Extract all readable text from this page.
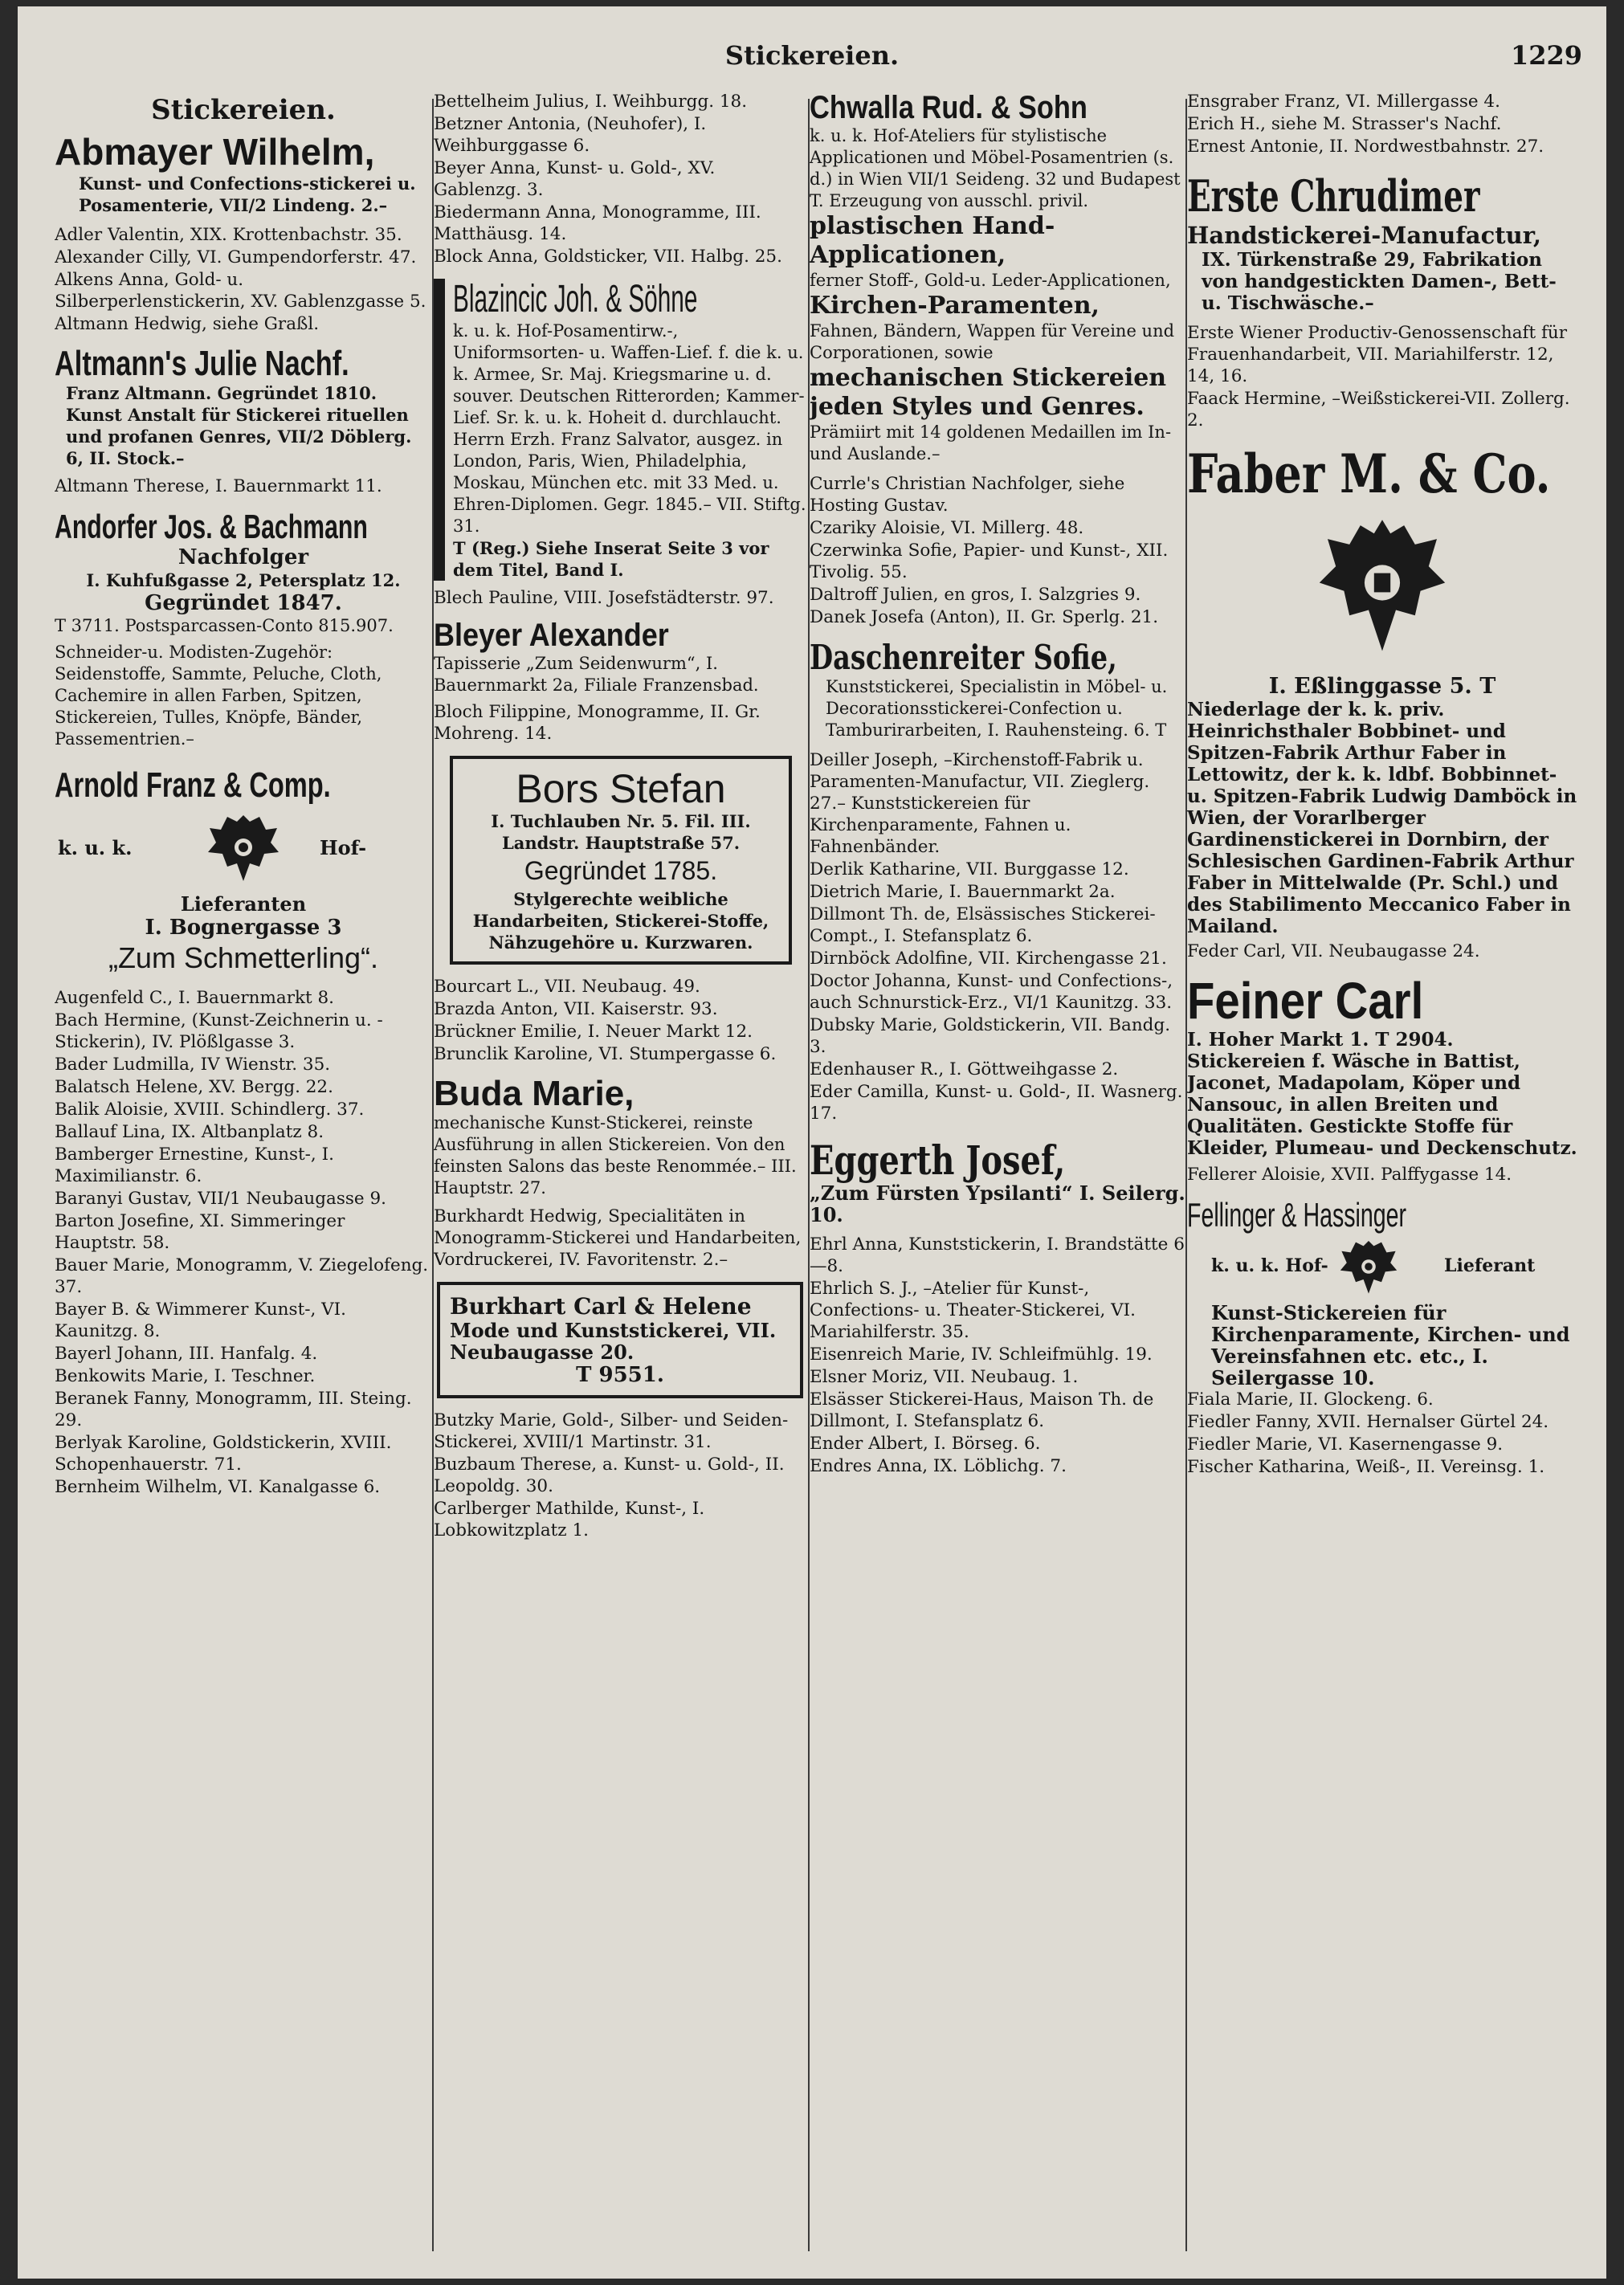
Stickereien.	1229
Stickereien.
Abmayer Wilhelm,
Kunst- und Confections-stickerei u. Posamenterie, VII/2 Lindeng. 2.–
Adler Valentin, XIX. Krottenbachstr. 35.
Alexander Cilly, VI. Gumpendorferstr. 47.
Alkens Anna, Gold- u. Silberperlenstickerin, XV. Gablenzgasse 5.
Altmann Hedwig, siehe Graßl.
Altmann's Julie Nachf.
Franz Altmann. Gegründet 1810. Kunst Anstalt für Stickerei rituellen und profanen Genres, VII/2 Döblerg. 6, II. Stock.–
Altmann Therese, I. Bauernmarkt 11.
Andorfer Jos. & Bachmann
Nachfolger
I. Kuhfußgasse 2, Petersplatz 12.
Gegründet 1847.
T 3711. Postsparcassen-Conto 815.907.
Schneider-u. Modisten-Zugehör: Seidenstoffe, Sammte, Peluche, Cloth, Cachemire in allen Farben, Spitzen, Stickereien, Tulles, Knöpfe, Bänder, Passementrien.–
Arnold Franz & Comp.
k. u. k.	Hof-
Lieferanten
I. Bognergasse 3
„Zum Schmetterling“.
Augenfeld C., I. Bauernmarkt 8.
Bach Hermine, (Kunst-Zeichnerin u. -Stickerin), IV. Plößlgasse 3.
Bader Ludmilla, IV Wienstr. 35.
Balatsch Helene, XV. Bergg. 22.
Balik Aloisie, XVIII. Schindlerg. 37.
Ballauf Lina, IX. Altbanplatz 8.
Bamberger Ernestine, Kunst-, I. Maximilianstr. 6.
Baranyi Gustav, VII/1 Neubaugasse 9.
Barton Josefine, XI. Simmeringer Hauptstr. 58.
Bauer Marie, Monogramm, V. Ziegelofeng. 37.
Bayer B. & Wimmerer Kunst-, VI. Kaunitzg. 8.
Bayerl Johann, III. Hanfalg. 4.
Benkowits Marie, I. Teschner.
Beranek Fanny, Monogramm, III. Steing. 29.
Berlyak Karoline, Goldstickerin, XVIII. Schopenhauerstr. 71.
Bernheim Wilhelm, VI. Kanalgasse 6.
Bettelheim Julius, I. Weihburgg. 18.
Betzner Antonia, (Neuhofer), I. Weihburggasse 6.
Beyer Anna, Kunst- u. Gold-, XV. Gablenzg. 3.
Biedermann Anna, Monogramme, III. Matthäusg. 14.
Block Anna, Goldsticker, VII. Halbg. 25.
Blazincic Joh. & Söhne
k. u. k. Hof-Posamentirw.-, Uniformsorten- u. Waffen-Lief. f. die k. u. k. Armee, Sr. Maj. Kriegsmarine u. d. souver. Deutschen Ritterorden; Kammer-Lief. Sr. k. u. k. Hoheit d. durchlaucht. Herrn Erzh. Franz Salvator, ausgez. in London, Paris, Wien, Philadelphia, Moskau, München etc. mit 33 Med. u. Ehren-Diplomen. Gegr. 1845.– VII. Stiftg. 31.
T (Reg.) Siehe Inserat Seite 3 vor dem Titel, Band I.
Blech Pauline, VIII. Josefstädterstr. 97.
Bleyer Alexander
Tapisserie „Zum Seidenwurm“, I. Bauernmarkt 2a, Filiale Franzensbad.
Bloch Filippine, Monogramme, II. Gr. Mohreng. 14.
Bors Stefan
I. Tuchlauben Nr. 5. Fil. III. Landstr. Hauptstraße 57.
Gegründet 1785.
Stylgerechte weibliche Handarbeiten, Stickerei-Stoffe, Nähzugehöre u. Kurzwaren.
Bourcart L., VII. Neubaug. 49.
Brazda Anton, VII. Kaiserstr. 93.
Brückner Emilie, I. Neuer Markt 12.
Brunclik Karoline, VI. Stumpergasse 6.
Buda Marie,
mechanische Kunst-Stickerei, reinste Ausführung in allen Stickereien. Von den feinsten Salons das beste Renommée.– III. Hauptstr. 27.
Burkhardt Hedwig, Specialitäten in Monogramm-Stickerei und Handarbeiten, Vordruckerei, IV. Favoritenstr. 2.–
Burkhart Carl & Helene
Mode und Kunststickerei, VII. Neubaugasse 20.
T 9551.
Butzky Marie, Gold-, Silber- und Seiden-Stickerei, XVIII/1 Martinstr. 31.
Buzbaum Therese, a. Kunst- u. Gold-, II. Leopoldg. 30.
Carlberger Mathilde, Kunst-, I. Lobkowitzplatz 1.
Chwalla Rud. & Sohn
k. u. k. Hof-Ateliers für stylistische Applicationen und Möbel-Posamentrien (s. d.) in Wien VII/1 Seideng. 32 und Budapest T. Erzeugung von ausschl. privil.
plastischen Hand-Applicationen,
ferner Stoff-, Gold-u. Leder-Applicationen,
Kirchen-Paramenten,
Fahnen, Bändern, Wappen für Vereine und Corporationen, sowie
mechanischen Stickereien jeden Styles und Genres.
Prämiirt mit 14 goldenen Medaillen im In- und Auslande.–
Currle's Christian Nachfolger, siehe Hosting Gustav.
Czariky Aloisie, VI. Millerg. 48.
Czerwinka Sofie, Papier- und Kunst-, XII. Tivolig. 55.
Daltroff Julien, en gros, I. Salzgries 9.
Danek Josefa (Anton), II. Gr. Sperlg. 21.
Daschenreiter Sofie,
Kunststickerei, Specialistin in Möbel- u. Decorationsstickerei-Confection u. Tamburirarbeiten, I. Rauhensteing. 6. T
Deiller Joseph, –Kirchenstoff-Fabrik u. Paramenten-Manufactur, VII. Zieglerg. 27.– Kunststickereien für Kirchenparamente, Fahnen u. Fahnenbänder.
Derlik Katharine, VII. Burggasse 12.
Dietrich Marie, I. Bauernmarkt 2a.
Dillmont Th. de, Elsässisches Stickerei-Compt., I. Stefansplatz 6.
Dirnböck Adolfine, VII. Kirchengasse 21.
Doctor Johanna, Kunst- und Confections-, auch Schnurstick-Erz., VI/1 Kaunitzg. 33.
Dubsky Marie, Goldstickerin, VII. Bandg. 3.
Edenhauser R., I. Göttweihgasse 2.
Eder Camilla, Kunst- u. Gold-, II. Wasnerg. 17.
Eggerth Josef,
„Zum Fürsten Ypsilanti“ I. Seilerg. 10.
Ehrl Anna, Kunststickerin, I. Brandstätte 6—8.
Ehrlich S. J., –Atelier für Kunst-, Confections- u. Theater-Stickerei, VI. Mariahilferstr. 35.
Eisenreich Marie, IV. Schleifmühlg. 19.
Elsner Moriz, VII. Neubaug. 1.
Elsässer Stickerei-Haus, Maison Th. de Dillmont, I. Stefansplatz 6.
Ender Albert, I. Börseg. 6.
Endres Anna, IX. Löblichg. 7.
Ensgraber Franz, VI. Millergasse 4.
Erich H., siehe M. Strasser's Nachf.
Ernest Antonie, II. Nordwestbahnstr. 27.
Erste Chrudimer
Handstickerei-Manufactur,
IX. Türkenstraße 29, Fabrikation von handgestickten Damen-, Bett- u. Tischwäsche.–
Erste Wiener Productiv-Genossenschaft für Frauenhandarbeit, VII. Mariahilferstr. 12, 14, 16.
Faack Hermine, –Weißstickerei-VII. Zollerg. 2.
Faber M. & Co.
I. Eßlinggasse 5. T
Niederlage der k. k. priv. Heinrichsthaler Bobbinet- und Spitzen-Fabrik Arthur Faber in Lettowitz, der k. k. ldbf. Bobbinnet- u. Spitzen-Fabrik Ludwig Damböck in Wien, der Vorarlberger Gardinenstickerei in Dornbirn, der Schlesischen Gardinen-Fabrik Arthur Faber in Mittelwalde (Pr. Schl.) und des Stabilimento Meccanico Faber in Mailand.
Feder Carl, VII. Neubaugasse 24.
Feiner Carl
I. Hoher Markt 1. T 2904. Stickereien f. Wäsche in Battist, Jaconet, Madapolam, Köper und Nansouc, in allen Breiten und Qualitäten. Gestickte Stoffe für Kleider, Plumeau- und Deckenschutz.
Fellerer Aloisie, XVII. Palffygasse 14.
Fellinger & Hassinger
k. u. k. Hof-	Lieferant
Kunst-Stickereien für Kirchenparamente, Kirchen- und Vereinsfahnen etc. etc., I. Seilergasse 10.
Fiala Marie, II. Glockeng. 6.
Fiedler Fanny, XVII. Hernalser Gürtel 24.
Fiedler Marie, VI. Kasernengasse 9.
Fischer Katharina, Weiß-, II. Vereinsg. 1.
